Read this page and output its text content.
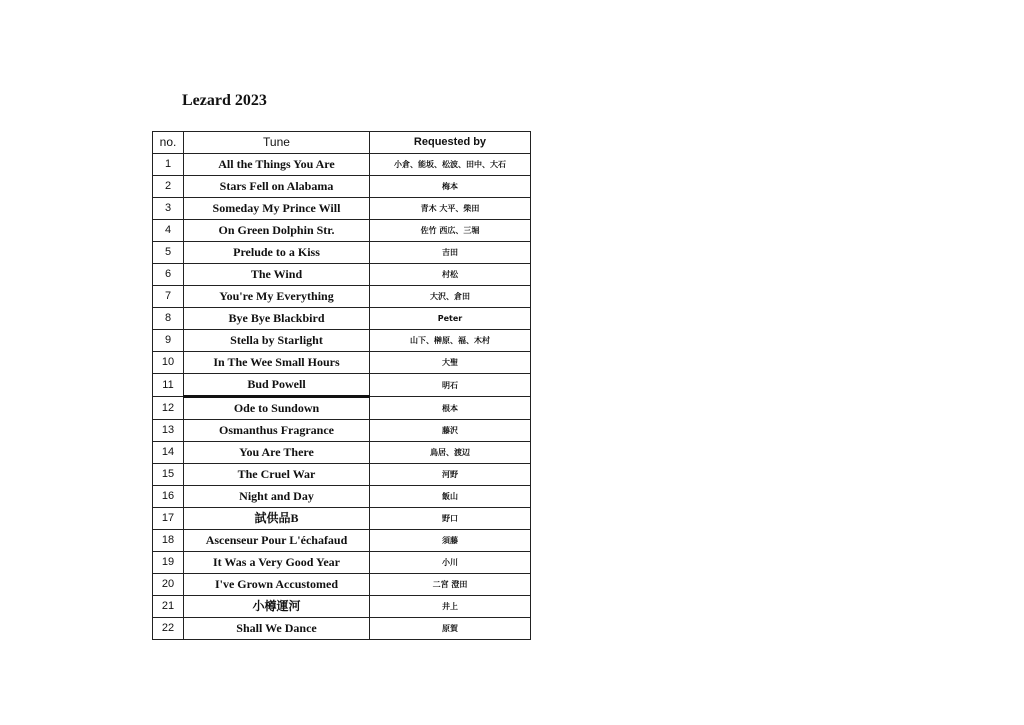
Lezard 2023
no.	Tune	Requested by
1	All the Things You Are	小倉、能坂、松波、田中、大石
2	Stars Fell on Alabama	梅本
3	Someday My Prince Will	青木 大平、柴田
4	On Green Dolphin Str.	佐竹 西広、三堀
5	Prelude to a Kiss	吉田
6	The Wind	村松
7	You're My Everything	大沢、倉田
8	Bye Bye Blackbird	Peter
9	Stella by Starlight	山下、榊原、福、木村
10	In The Wee Small Hours	大聖
11	Bud Powell	明石
12	Ode to Sundown	根本
13	Osmanthus Fragrance	藤沢
14	You Are There	鳥居、渡辺
15	The Cruel War	河野
16	Night and Day	飯山
17	試供品B	野口
18	Ascenseur Pour L'échafaud	須藤
19	It Was a Very Good Year	小川
20	I've Grown Accustomed	二宮 澄田
21	小樽運河	井上
22	Shall We Dance	原賀
